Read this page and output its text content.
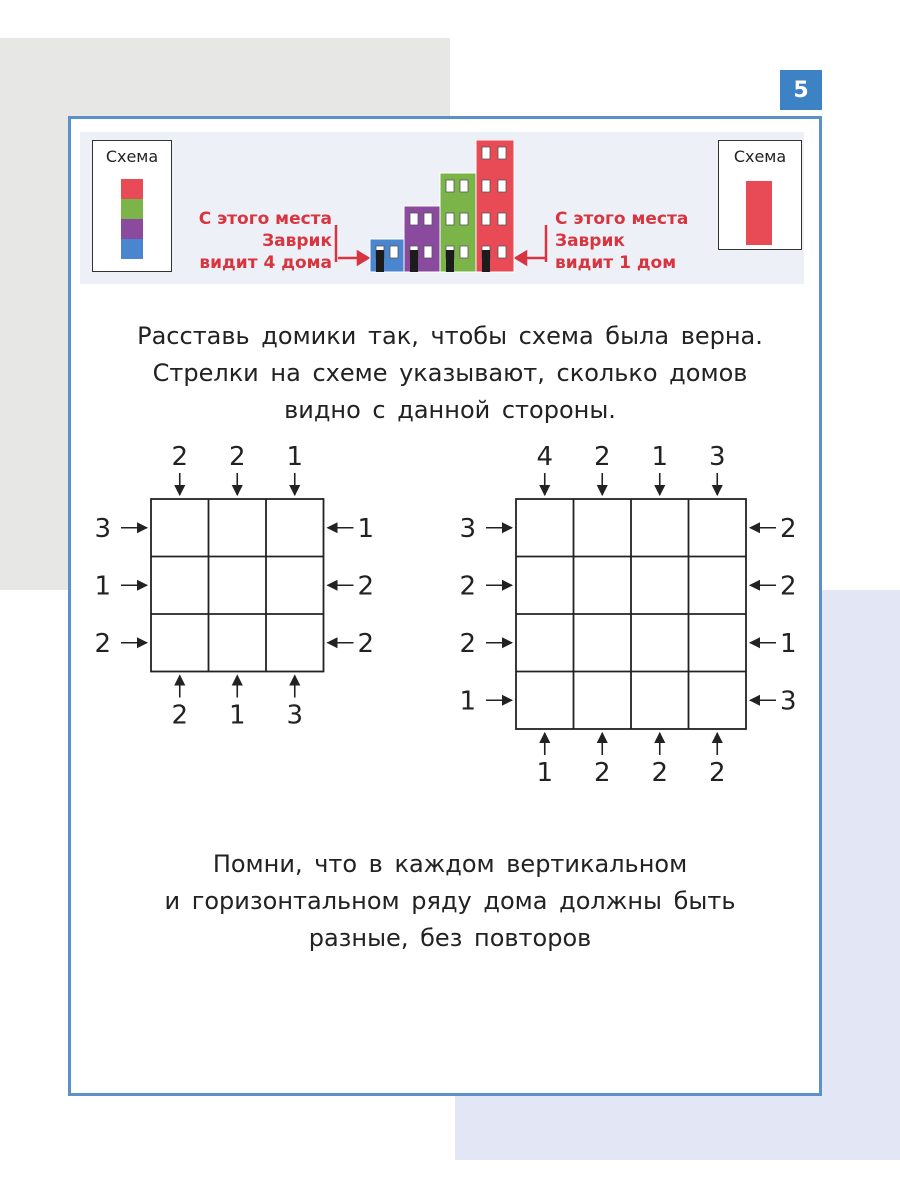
5
Схема	Схема
С этого места
Заврик
видит 4 дома
С этого места
Заврик
видит 1 дом
Расставь домики так, чтобы схема была верна.
Стрелки на схеме указывают, сколько домов
видно с данной стороны.
2
2
3	1
2
1
1	2
1
3
2	2
4
1
3	2
2
2
2	2
1
2
2	1
3
2
1	3
Помни, что в каждом вертикальном
и горизонтальном ряду дома должны быть
разные, без повторов
